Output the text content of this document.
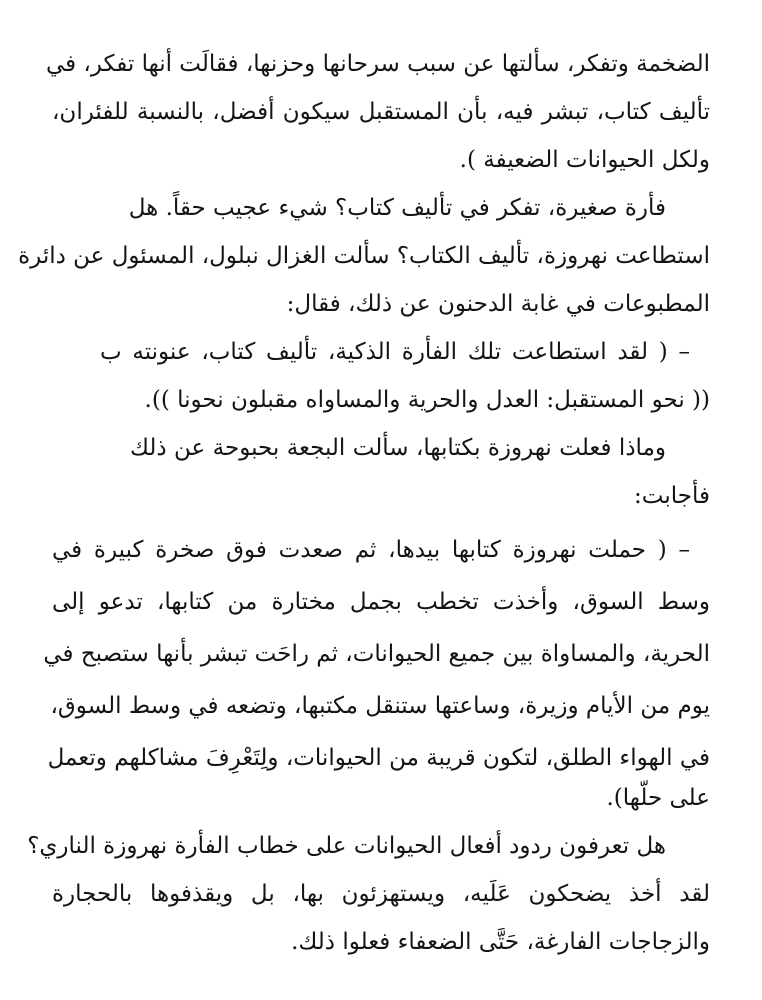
الضخمة وتفكر، سألتها عن سبب سرحانها وحزنها، فقالَت أنها تفكر، في
تأليف كتاب، تبشر فيه، بأن المستقبل سيكون أفضل، بالنسبة للفئران،
ولكل الحيوانات الضعيفة ).
فأرة صغيرة، تفكر في تأليف كتاب؟ شيء عجيب حقاً. هل
استطاعت نهروزة، تأليف الكتاب؟ سألت الغزال نبلول، المسئول عن دائرة
المطبوعات في غابة الدحنون عن ذلك، فقال:
– ( لقد استطاعت تلك الفأرة الذكية، تأليف كتاب، عنونته ب
(( نحو المستقبل: العدل والحرية والمساواه مقبلون نحونا )).
وماذا فعلت نهروزة بكتابها، سألت البجعة بحبوحة عن ذلك
فأجابت:
– ( حملت نهروزة كتابها بيدها، ثم صعدت فوق صخرة كبيرة في
وسط السوق، وأخذت تخطب بجمل مختارة من كتابها، تدعو إلى
الحرية، والمساواة بين جميع الحيوانات، ثم راحَت تبشر بأنها ستصبح في
يوم من الأيام وزيرة، وساعتها ستنقل مكتبها، وتضعه في وسط السوق،
في الهواء الطلق، لتكون قريبة من الحيوانات، ولِتَعْرِفَ مشاكلهم وتعمل
على حلّها).
هل تعرفون ردود أفعال الحيوانات على خطاب الفأرة نهروزة الناري؟
لقد أخذ يضحكون عَلَيه، ويستهزئون بها، بل ويقذفوها بالحجارة
والزجاجات الفارغة، حَتَّى الضعفاء فعلوا ذلك.
